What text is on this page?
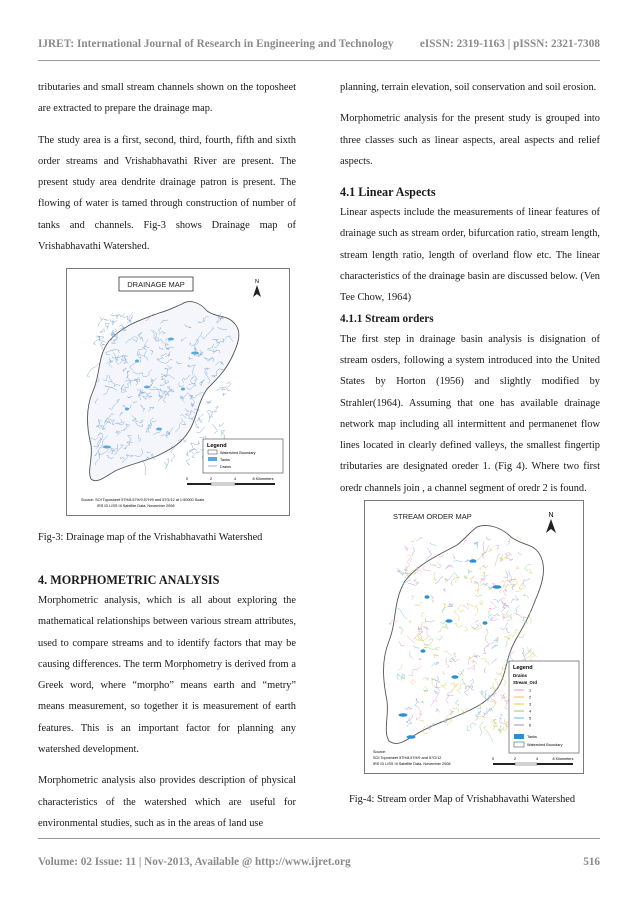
IJRET: International Journal of Research in Engineering and Technology eISSN: 2319-1163 | pISSN: 2321-7308

tributaries and small stream channels shown on the toposheet are extracted to prepare the drainage map.

The study area is a first, second, third, fourth, fifth and sixth order streams and Vrishabhavathi River are present. The present study area dendrite drainage patron is present. The flowing of water is tamed through construction of number of tanks and channels. Fig-3 shows Drainage map of Vrishabhavathi Watershed.

DRAINAGE MAP	N
Legend
Watershed Boundary
Tanks
Drains
0	2	4	8 Kilometers
Source: SOI Toposheet 57H/8,57H/9,57H/9 and 57G/12 at 1:50000 Scale
IRS ID LISS III Satellite Data, November 2008
Fig-3: Drainage map of the Vrishabhavathi Watershed

4. MORPHOMETRIC ANALYSIS

Morphometric analysis, which is all about exploring the mathematical relationships between various stream attributes, used to compare streams and to identify factors that may be causing differences. The term Morphometry is derived from a Greek word, where “morpho” means earth and “metry” means measurement, so together it is measurement of earth features. This is an important factor for planning any watershed development.

Morphometric analysis also provides description of physical characteristics of the watershed which are useful for environmental studies, such as in the areas of land use

planning, terrain elevation, soil conservation and soil erosion.

Morphometric analysis for the present study is grouped into three classes such as linear aspects, areal aspects and relief aspects.

4.1 Linear Aspects

Linear aspects include the measurements of linear features of drainage such as stream order, bifurcation ratio, stream length, stream length ratio, length of overland flow etc. The linear characteristics of the drainage basin are discussed below. (Ven Tee Chow, 1964)

4.1.1 Stream orders

The first step in drainage basin analysis is disignation of stream osders, following a system introduced into the United States by Horton (1956) and slightly modified by Strahler(1964). Assuming that one has available drainage network map including all intermittent and permanenet flow lines located in clearly defined valleys, the smallest fingertip tributaries are designated oreder 1. (Fig 4). Where two first oredr channels join , a channel segment of oredr 2 is found.

STREAM ORDER MAP	N
Legend
Drains
Stream_Ord
1
2
3
4
5
6
Tanks
Watershed Boundary
0	2	4	8 Kilometers
Source:
SOI Toposheet 57H/8,57H/9 and 57G/12
IRS ID LISS III Satellite Data, November 2008
Fig-4: Stream order Map of Vrishabhavathi Watershed
Volume: 02 Issue: 11 | Nov-2013, Available @ http://www.ijret.org	516
